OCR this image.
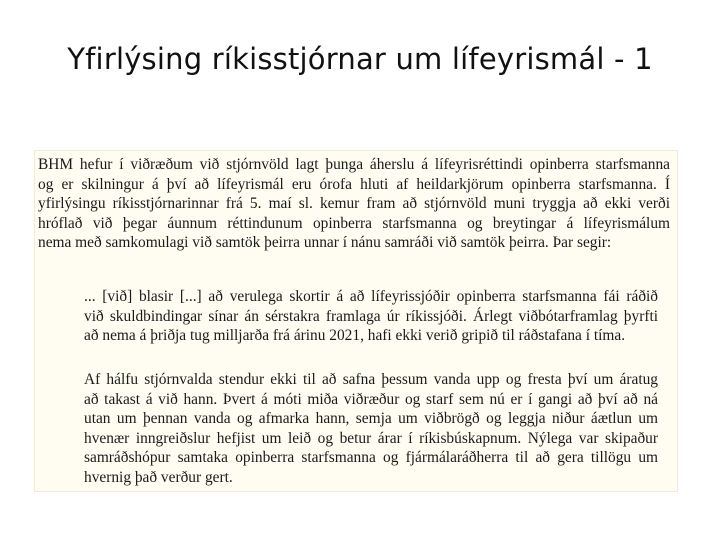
Yfirlýsing ríkisstjórnar um lífeyrismál - 1
BHM hefur í viðræðum við stjórnvöld lagt þunga áherslu á lífeyrisréttindi opinberra starfsmanna
og er skilningur á því að lífeyrismál eru órofa hluti af heildarkjörum opinberra starfsmanna. Í
yfirlýsingu ríkisstjórnarinnar frá 5. maí sl. kemur fram að stjórnvöld muni tryggja að ekki verði
hróflað við þegar áunnum réttindunum opinberra starfsmanna og breytingar á lífeyrismálum
nema með samkomulagi við samtök þeirra unnar í nánu samráði við samtök þeirra. Þar segir:
... [við] blasir [...] að verulega skortir á að lífeyrissjóðir opinberra starfsmanna fái ráðið
við skuldbindingar sínar án sérstakra framlaga úr ríkissjóði. Árlegt viðbótarframlag þyrfti
að nema á þriðja tug milljarða frá árinu 2021, hafi ekki verið gripið til ráðstafana í tíma.
Af hálfu stjórnvalda stendur ekki til að safna þessum vanda upp og fresta því um áratug
að takast á við hann. Þvert á móti miða viðræður og starf sem nú er í gangi að því að ná
utan um þennan vanda og afmarka hann, semja um viðbrögð og leggja niður áætlun um
hvenær inngreiðslur hefjist um leið og betur árar í ríkisbúskapnum. Nýlega var skipaður
samráðshópur samtaka opinberra starfsmanna og fjármálaráðherra til að gera tillögu um
hvernig það verður gert.
